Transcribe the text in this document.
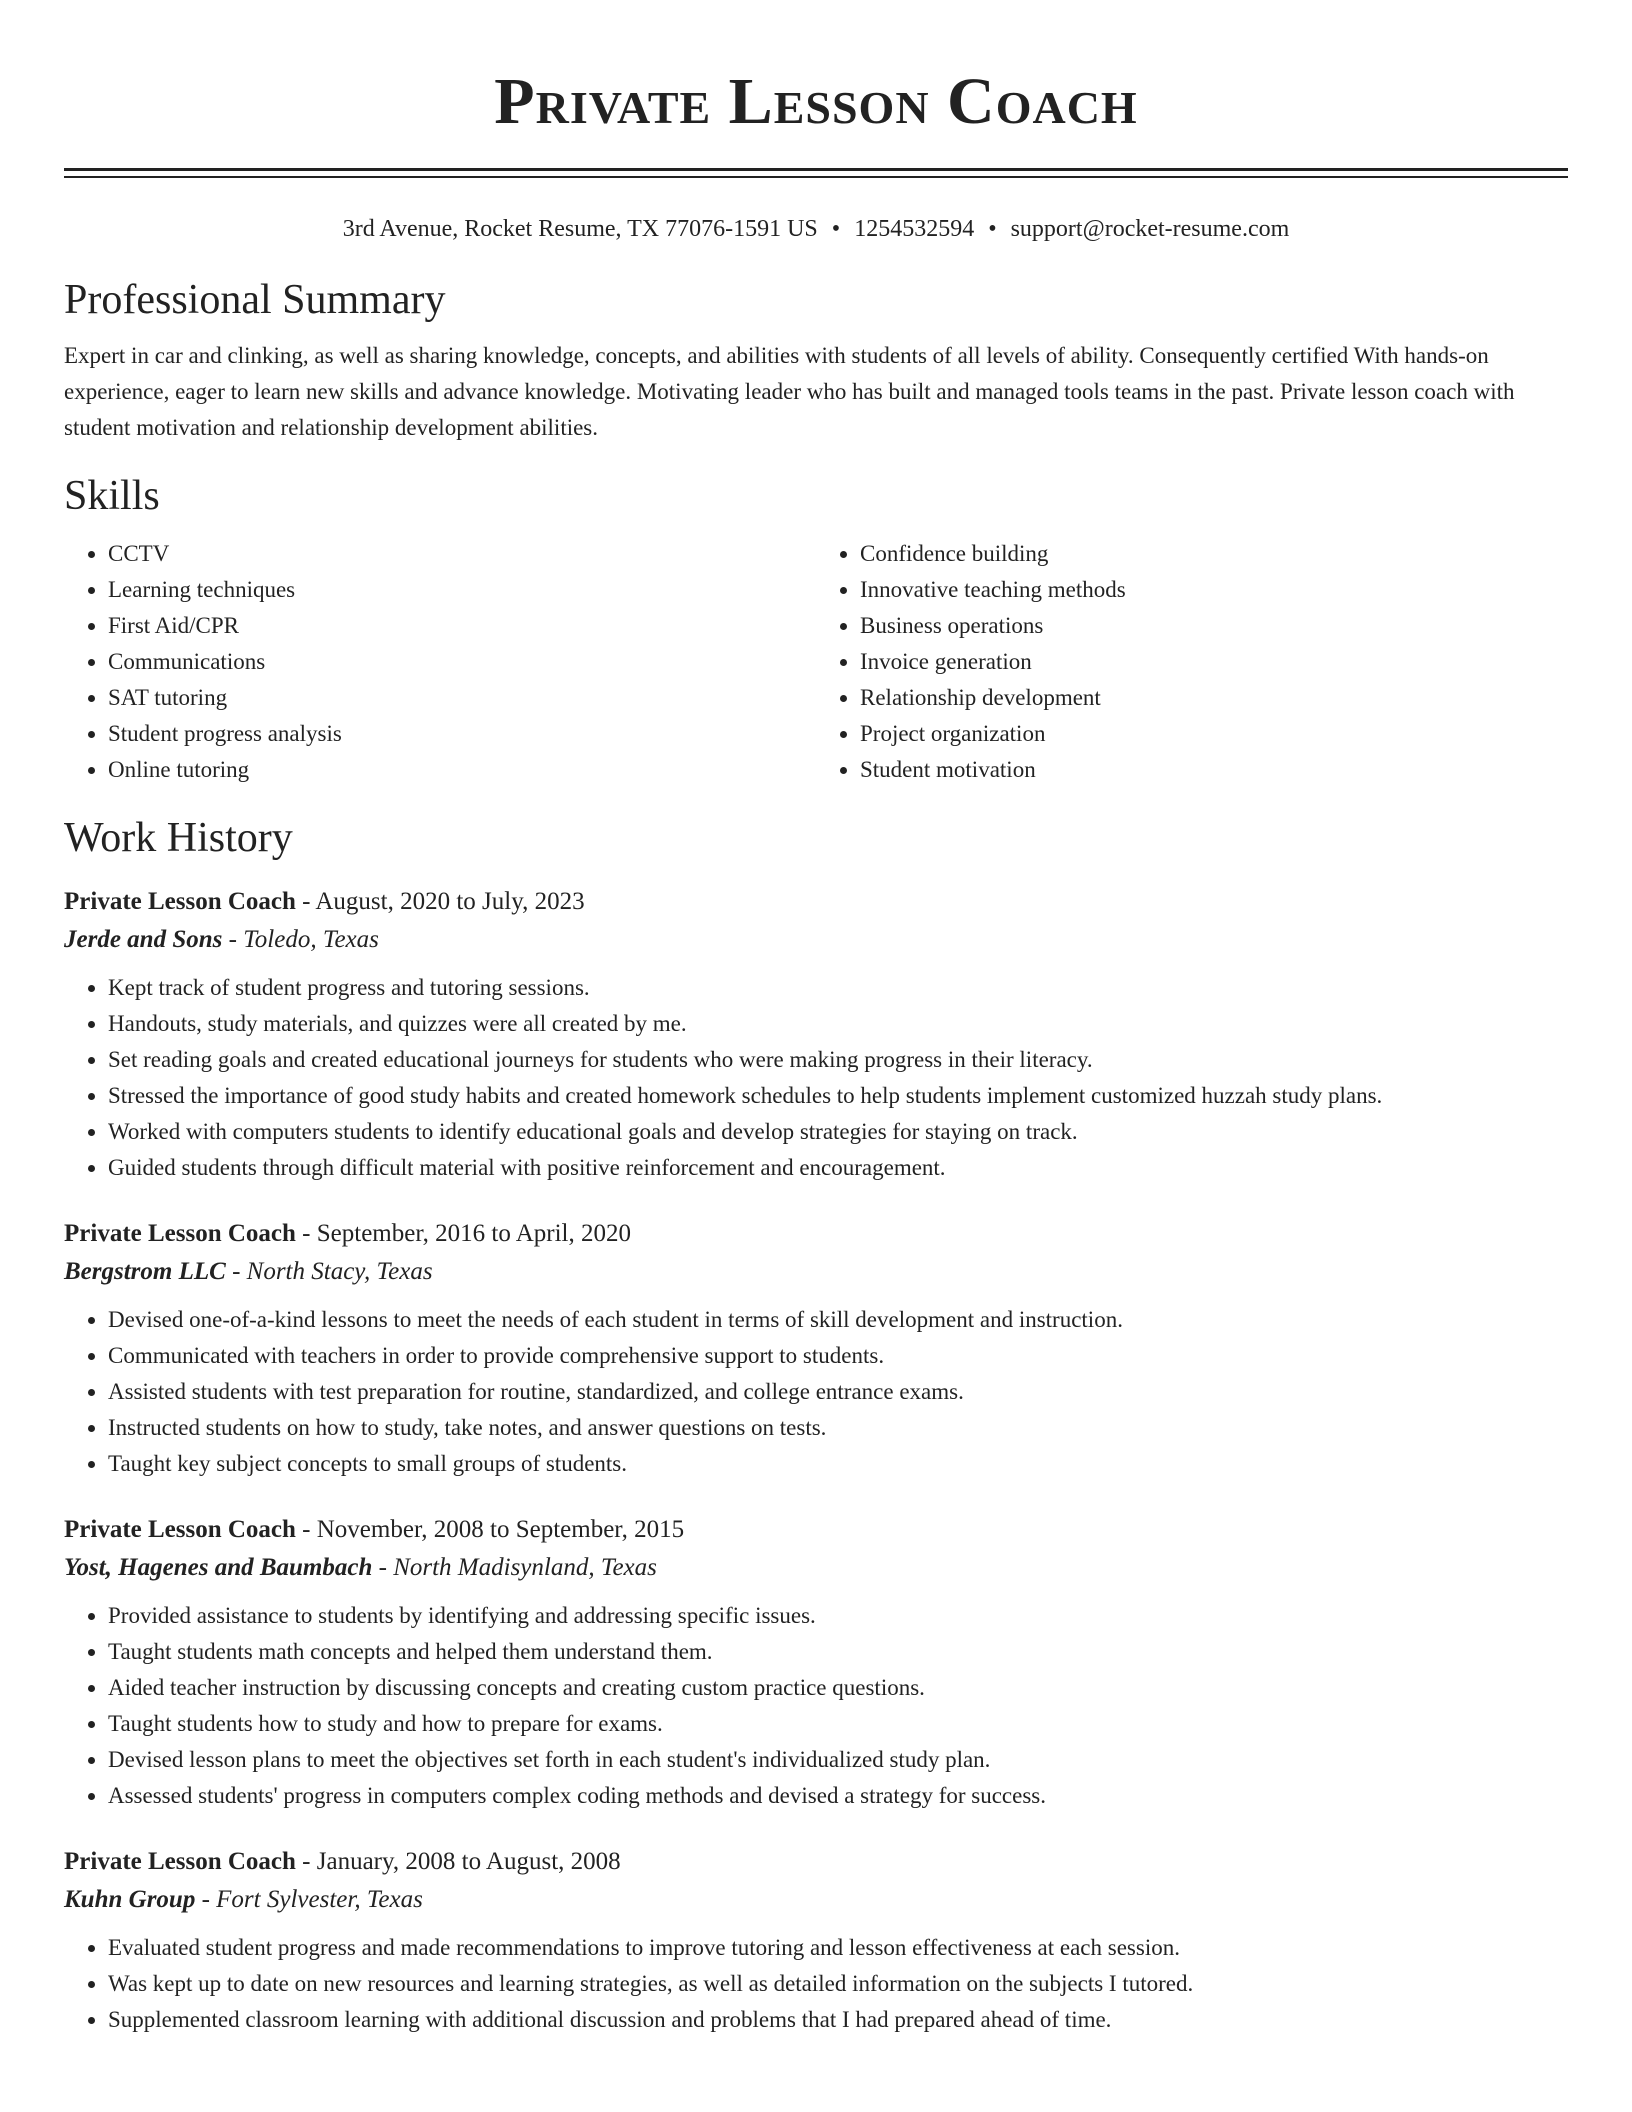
Private Lesson Coach
3rd Avenue, Rocket Resume, TX 77076-1591 US • 1254532594 • support@rocket-resume.com
Professional Summary
Expert in car and clinking, as well as sharing knowledge, concepts, and abilities with students of all levels of ability. Consequently certified With hands-on experience, eager to learn new skills and advance knowledge. Motivating leader who has built and managed tools teams in the past. Private lesson coach with student motivation and relationship development abilities.
Skills
• CCTV
• Learning techniques
• First Aid/CPR
• Communications
• SAT tutoring
• Student progress analysis
• Online tutoring
• Confidence building
• Innovative teaching methods
• Business operations
• Invoice generation
• Relationship development
• Project organization
• Student motivation
Work History
Private Lesson Coach - August, 2020 to July, 2023
Jerde and Sons - Toledo, Texas
• Kept track of student progress and tutoring sessions.
• Handouts, study materials, and quizzes were all created by me.
• Set reading goals and created educational journeys for students who were making progress in their literacy.
• Stressed the importance of good study habits and created homework schedules to help students implement customized huzzah study plans.
• Worked with computers students to identify educational goals and develop strategies for staying on track.
• Guided students through difficult material with positive reinforcement and encouragement.
Private Lesson Coach - September, 2016 to April, 2020
Bergstrom LLC - North Stacy, Texas
• Devised one-of-a-kind lessons to meet the needs of each student in terms of skill development and instruction.
• Communicated with teachers in order to provide comprehensive support to students.
• Assisted students with test preparation for routine, standardized, and college entrance exams.
• Instructed students on how to study, take notes, and answer questions on tests.
• Taught key subject concepts to small groups of students.
Private Lesson Coach - November, 2008 to September, 2015
Yost, Hagenes and Baumbach - North Madisynland, Texas
• Provided assistance to students by identifying and addressing specific issues.
• Taught students math concepts and helped them understand them.
• Aided teacher instruction by discussing concepts and creating custom practice questions.
• Taught students how to study and how to prepare for exams.
• Devised lesson plans to meet the objectives set forth in each student's individualized study plan.
• Assessed students' progress in computers complex coding methods and devised a strategy for success.
Private Lesson Coach - January, 2008 to August, 2008
Kuhn Group - Fort Sylvester, Texas
• Evaluated student progress and made recommendations to improve tutoring and lesson effectiveness at each session.
• Was kept up to date on new resources and learning strategies, as well as detailed information on the subjects I tutored.
• Supplemented classroom learning with additional discussion and problems that I had prepared ahead of time.
